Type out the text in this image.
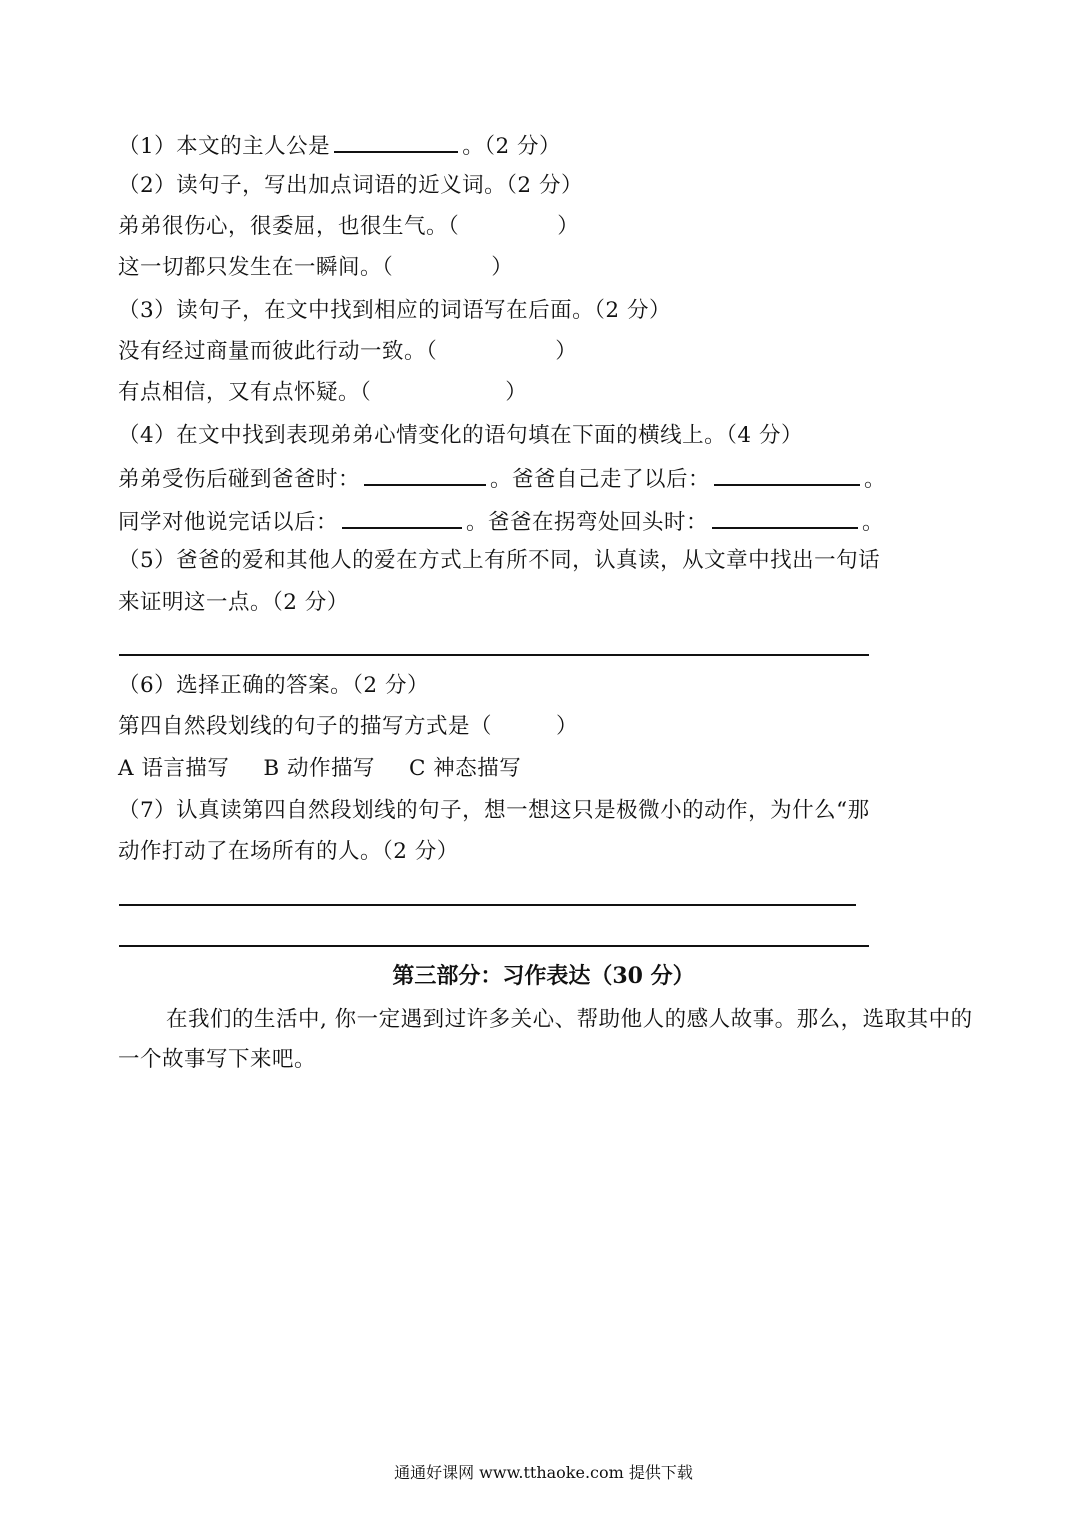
（1）本文的主人公是	。（2 分）
（2）读句子，写出加点词语的近义词。（2 分）
弟弟很伤心，很委屈，也很生气。（	）
这一切都只发生在一瞬间。（	）
（3）读句子，在文中找到相应的词语写在后面。（2 分）
没有经过商量而彼此行动一致。（	）
有点相信，又有点怀疑。（	）
（4）在文中找到表现弟弟心情变化的语句填在下面的横线上。（4 分）
弟弟受伤后碰到爸爸时：	。爸爸自己走了以后：	。
同学对他说完话以后：	。爸爸在拐弯处回头时：	。
（5）爸爸的爱和其他人的爱在方式上有所不同，认真读，从文章中找出一句话
来证明这一点。（2 分）
（6）选择正确的答案。（2 分）
第四自然段划线的句子的描写方式是（	）
A 语言描写 B 动作描写 C 神态描写
（7）认真读第四自然段划线的句子，想一想这只是极微小的动作，为什么“那
动作打动了在场所有的人。（2 分）
第三部分：习作表达（30 分）
在我们的生活中, 你一定遇到过许多关心、帮助他人的感人故事。那么，选取其中的一个故事写下来吧。
通通好课网 www.tthaoke.com 提供下载
